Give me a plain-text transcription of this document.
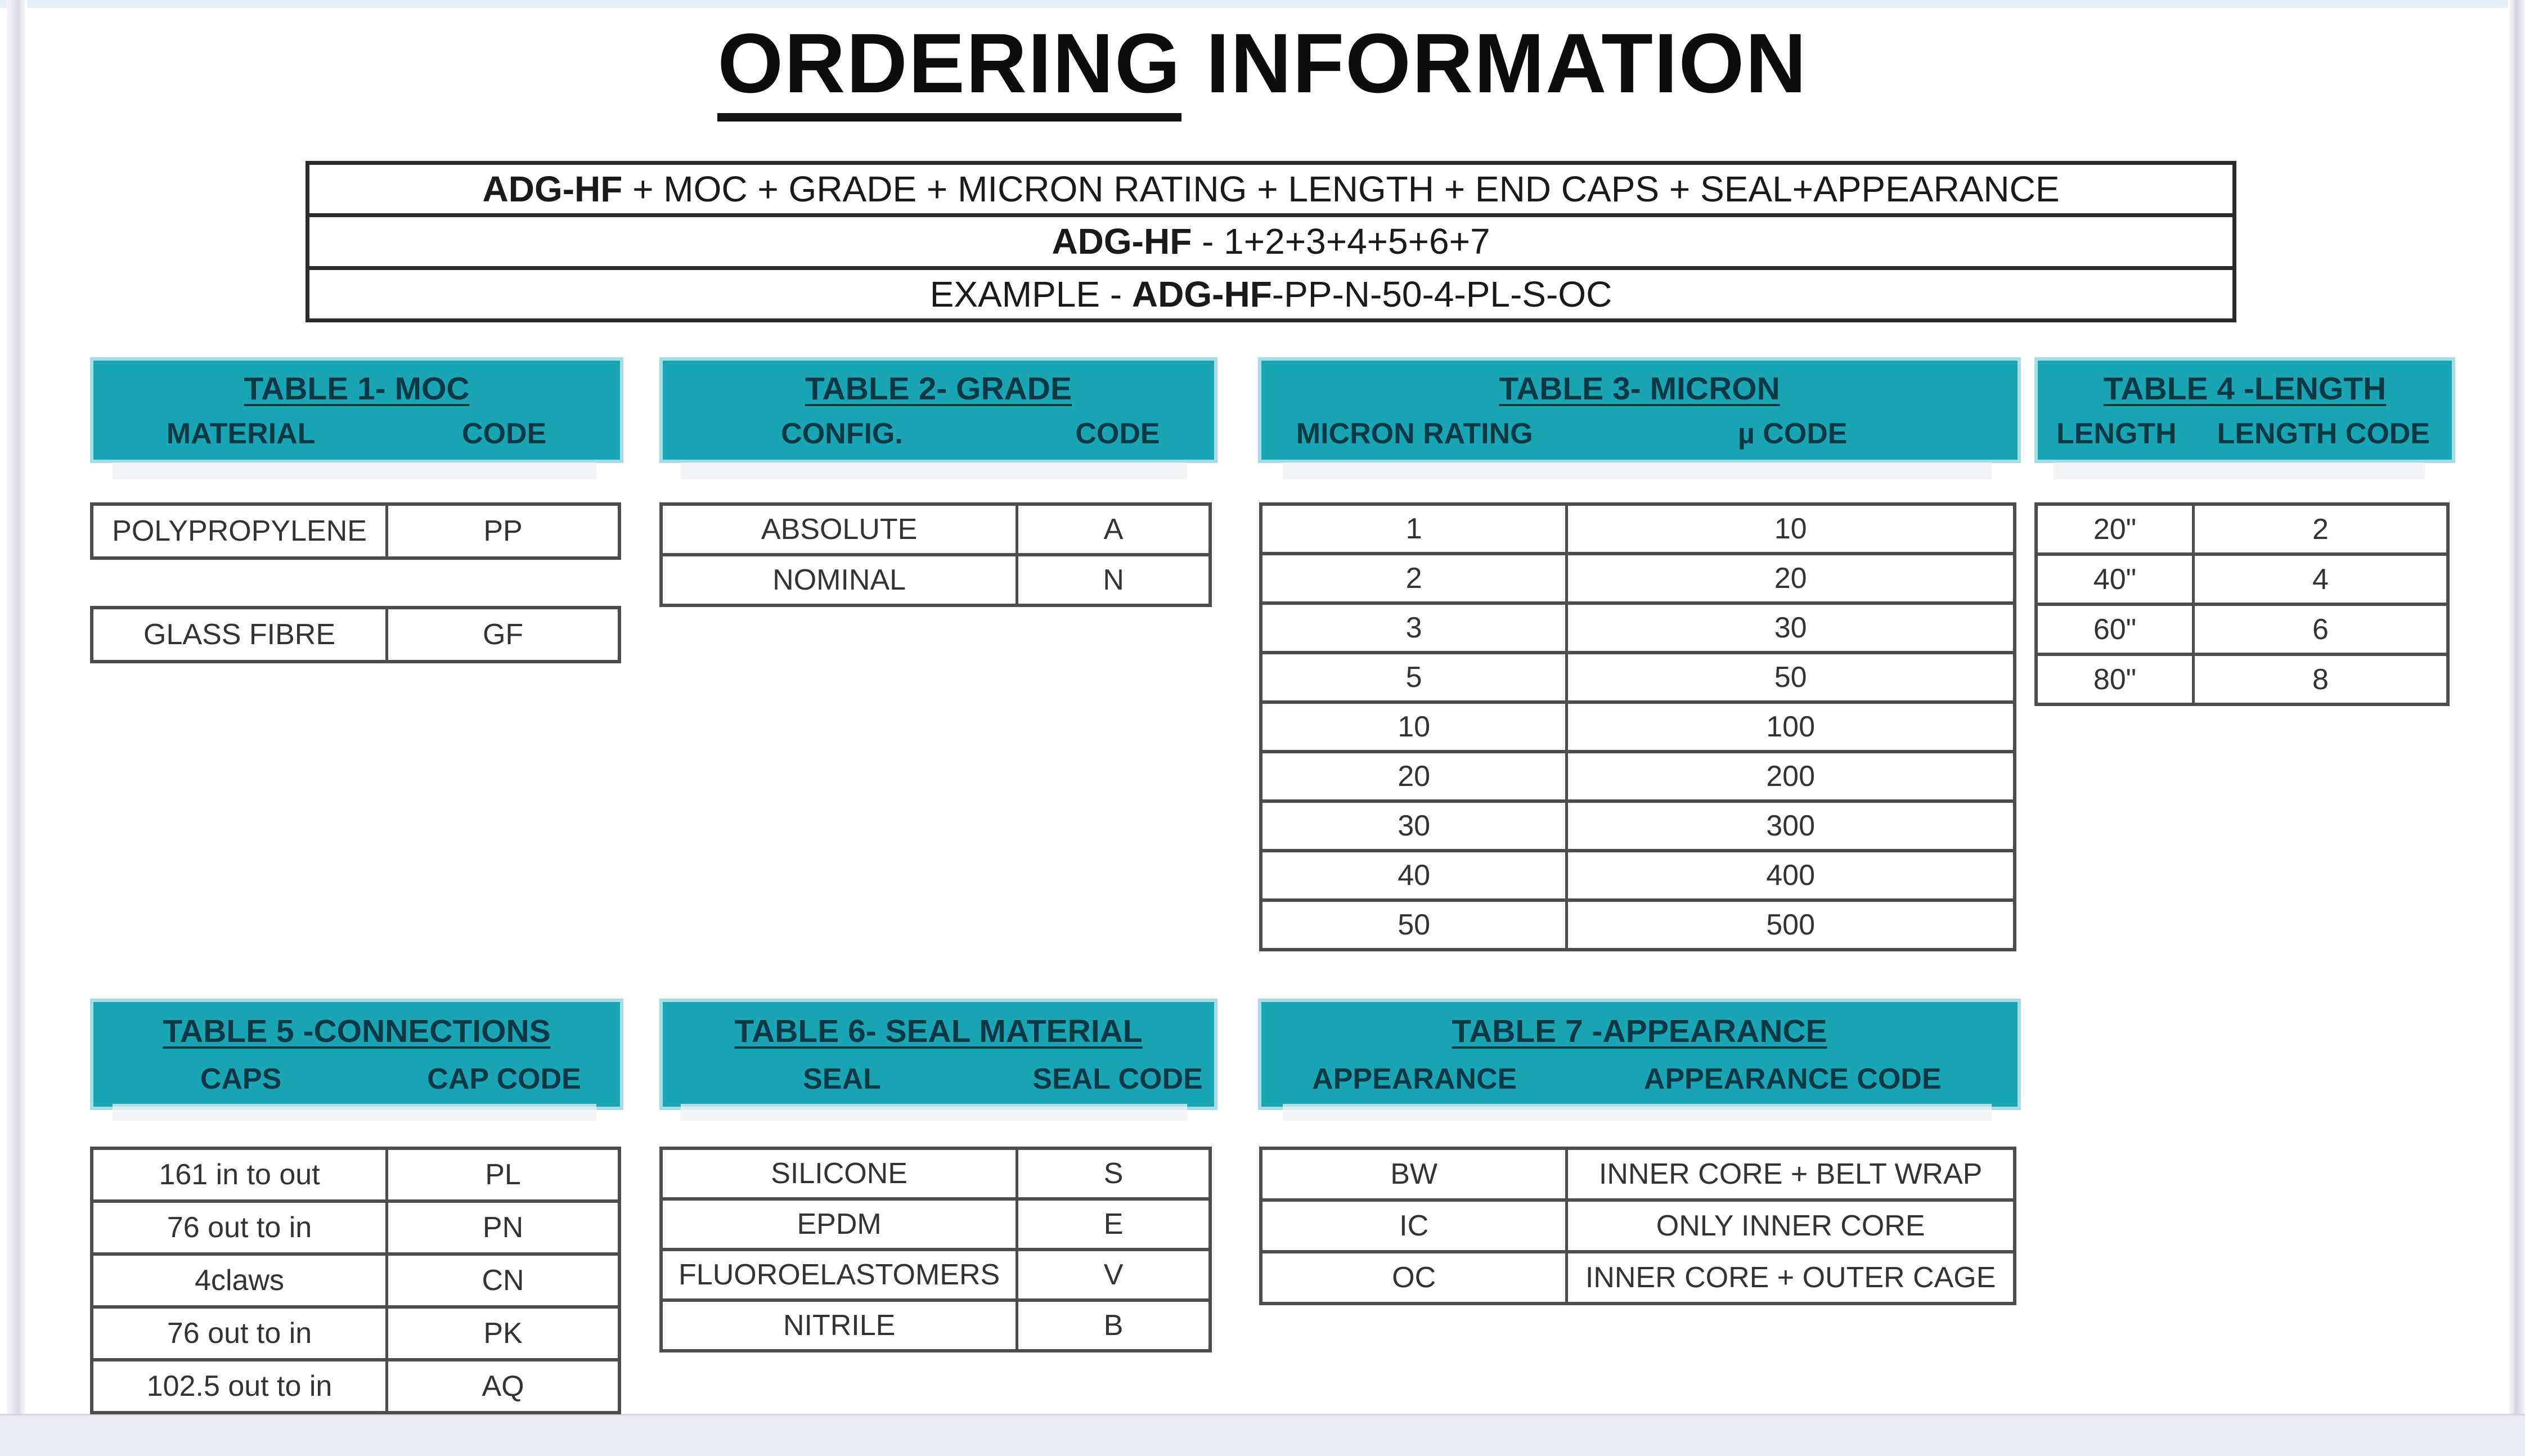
ORDERING INFORMATION
ADG-HF + MOC + GRADE + MICRON RATING + LENGTH + END CAPS + SEAL+APPEARANCE
ADG-HF - 1+2+3+4+5+6+7
EXAMPLE - ADG-HF -PP-N-50-4-PL-S-OC
TABLE 1- MOC
MATERIAL	CODE
TABLE 2- GRADE
CONFIG.	CODE
TABLE 3- MICRON
MICRON RATING	µ CODE
TABLE 4 -LENGTH
LENGTH	LENGTH CODE
TABLE 5 -CONNECTIONS
CAPS	CAP CODE
TABLE 6- SEAL MATERIAL
SEAL	SEAL CODE
TABLE 7 -APPEARANCE
APPEARANCE	APPEARANCE CODE
POLYPROPYLENE	PP
GLASS FIBRE	GF
ABSOLUTE	A
NOMINAL	N
1	10
2	20
3	30
5	50
10	100
20	200
30	300
40	400
50	500
20"	2
40"	4
60"	6
80"	8
161 in to out	PL
76 out to in	PN
4claws	CN
76 out to in	PK
102.5 out to in	AQ
SILICONE	S
EPDM	E
FLUOROELASTOMERS	V
NITRILE	B
BW	INNER CORE + BELT WRAP
IC	ONLY INNER CORE
OC	INNER CORE + OUTER CAGE
